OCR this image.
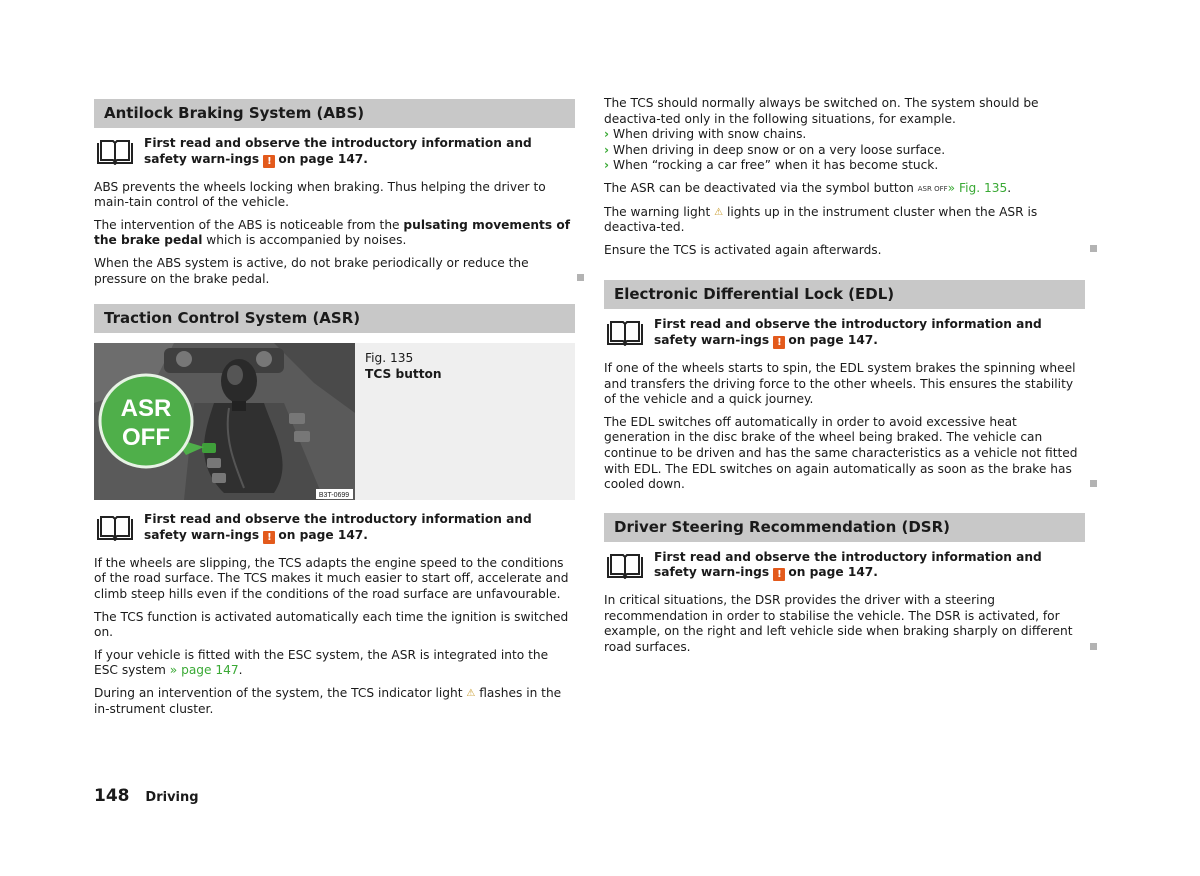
Antilock Braking System (ABS)
First read and observe the introductory information and safety warn-ings ! on page 147.

ABS prevents the wheels locking when braking. Thus helping the driver to main-tain control of the vehicle.

The intervention of the ABS is noticeable from the pulsating movements of the brake pedal which is accompanied by noises.

When the ABS system is active, do not brake periodically or reduce the pressure on the brake pedal.

Traction Control System (ASR)
ASR
OFF
B3T-0699
Fig. 135
TCS button
First read and observe the introductory information and safety warn-ings ! on page 147.

If the wheels are slipping, the TCS adapts the engine speed to the conditions of the road surface. The TCS makes it much easier to start off, accelerate and climb steep hills even if the conditions of the road surface are unfavourable.

The TCS function is activated automatically each time the ignition is switched on.

If your vehicle is fitted with the ESC system, the ASR is integrated into the ESC system » page 147.

During an intervention of the system, the TCS indicator light ⚠ flashes in the in-strument cluster.

The TCS should normally always be switched on. The system should be deactiva-ted only in the following situations, for example.

› When driving with snow chains.
› When driving in deep snow or on a very loose surface.
› When “rocking a car free” when it has become stuck.

The ASR can be deactivated via the symbol button ASR OFF» Fig. 135.

The warning light ⚠ lights up in the instrument cluster when the ASR is deactiva-ted.

Ensure the TCS is activated again afterwards.

Electronic Differential Lock (EDL)
First read and observe the introductory information and safety warn-ings ! on page 147.

If one of the wheels starts to spin, the EDL system brakes the spinning wheel and transfers the driving force to the other wheels. This ensures the stability of the vehicle and a quick journey.

The EDL switches off automatically in order to avoid excessive heat generation in the disc brake of the wheel being braked. The vehicle can continue to be driven and has the same characteristics as a vehicle not fitted with EDL. The EDL switches on again automatically as soon as the brake has cooled down.

Driver Steering Recommendation (DSR)
First read and observe the introductory information and safety warn-ings ! on page 147.

In critical situations, the DSR provides the driver with a steering recommendation in order to stabilise the vehicle. The DSR is activated, for example, on the right and left vehicle side when braking sharply on different road surfaces.

148 Driving
